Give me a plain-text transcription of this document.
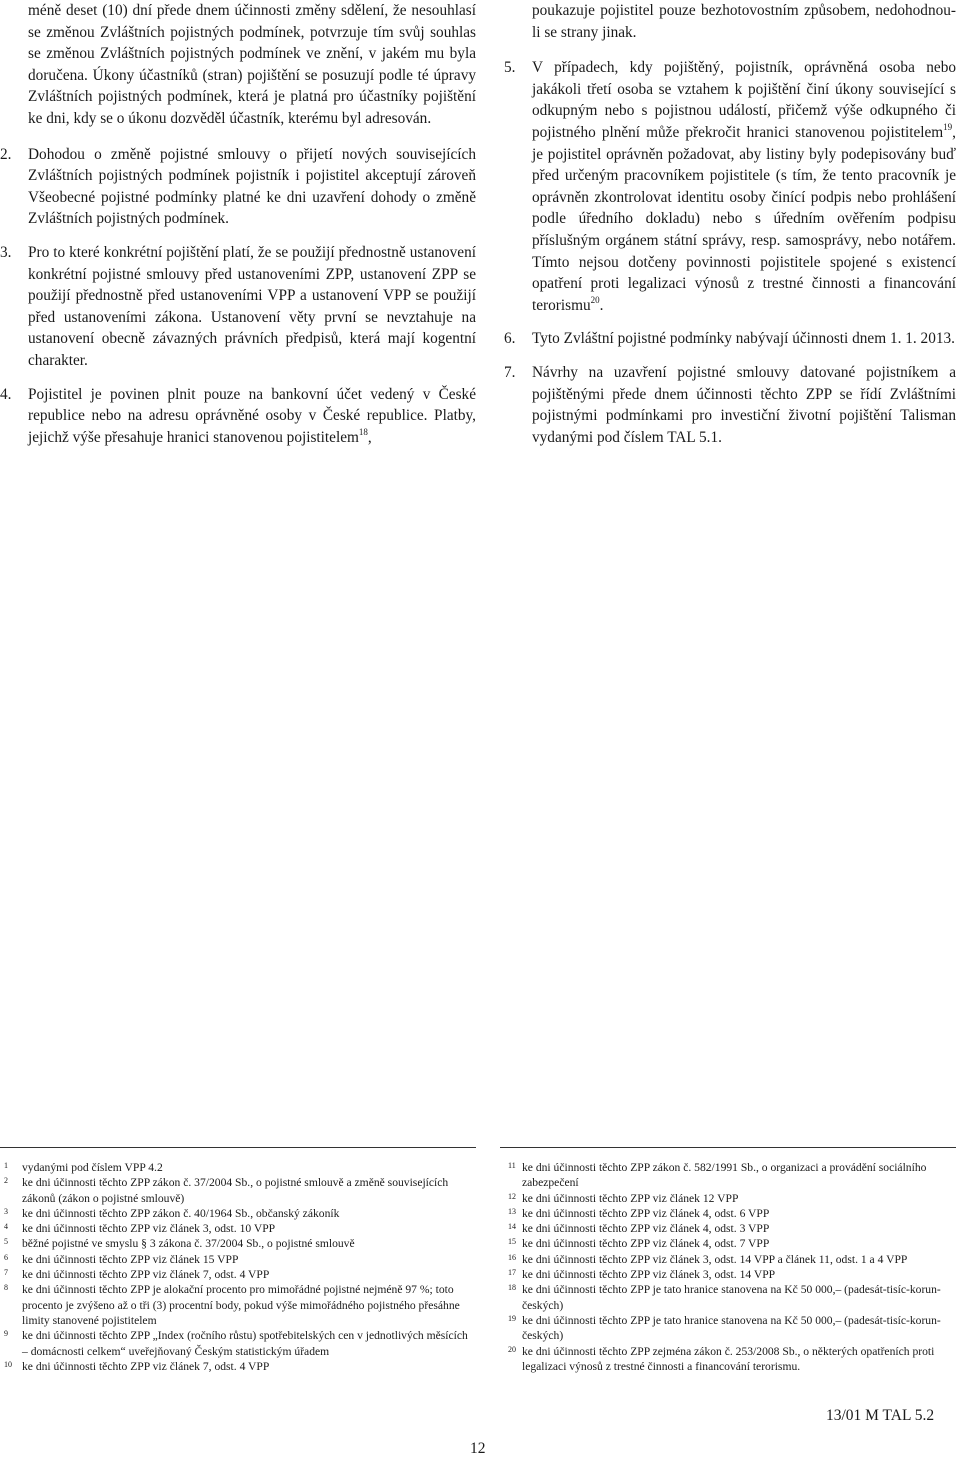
méně deset (10) dní přede dnem účinnosti změny sdělení, že nesouhlasí se změnou Zvláštních pojistných podmínek, potvrzuje tím svůj souhlas se změnou Zvláštních pojistných podmínek ve znění, v jakém mu byla doručena. Úkony účastníků (stran) pojištění se posuzují podle té úpravy Zvláštních pojistných podmínek, která je platná pro účastníky pojištění ke dni, kdy se o úkonu dozvěděl účastník, kterému byl adresován.

2.	Dohodou o změně pojistné smlouvy o přijetí nových souvisejících Zvláštních pojistných podmínek pojistník i pojistitel akceptují zároveň Všeobecné pojistné podmínky platné ke dni uzavření dohody o změně Zvláštních pojistných podmínek.
3.	Pro to které konkrétní pojištění platí, že se použijí přednostně ustanovení konkrétní pojistné smlouvy před ustanoveními ZPP, ustanovení ZPP se použijí přednostně před ustanoveními VPP a ustanovení VPP se použijí před ustanoveními zákona. Ustanovení věty první se nevztahuje na ustanovení obecně závazných právních předpisů, která mají kogentní charakter.
4.	Pojistitel je povinen plnit pouze na bankovní účet vedený v České republice nebo na adresu oprávněné osoby v České republice. Platby, jejichž výše přesahuje hranici stanovenou pojistitelem$^{18}$,

poukazuje pojistitel pouze bezhotovostním způsobem, nedohodnou-li se strany jinak.

5.	V případech, kdy pojištěný, pojistník, oprávněná osoba nebo jakákoli třetí osoba se vztahem k pojištění činí úkony související s odkupným nebo s pojistnou událostí, přičemž výše odkupného či pojistného plnění může překročit hranici stanovenou pojistitelem$^{19}$, je pojistitel oprávněn požadovat, aby listiny byly podepisovány buď před určeným pracovníkem pojistitele (s tím, že tento pracovník je oprávněn zkontrolovat identitu osoby činící podpis nebo prohlášení podle úředního dokladu) nebo s úředním ověřením podpisu příslušným orgánem státní správy, resp. samosprávy, nebo notářem. Tímto nejsou dotčeny povinnosti pojistitele spojené s existencí opatření proti legalizaci výnosů z trestné činnosti a financování terorismu$^{20}$.
6.	Tyto Zvláštní pojistné podmínky nabývají účinnosti dnem 1. 1. 2013.
7.	Návrhy na uzavření pojistné smlouvy datované pojistníkem a pojištěnými přede dnem účinnosti těchto ZPP se řídí Zvláštními pojistnými podmínkami pro investiční životní pojištění Talisman vydanými pod číslem TAL 5.1.
1	vydanými pod číslem VPP 4.2
2	ke dni účinnosti těchto ZPP zákon č. 37/2004 Sb., o pojistné smlouvě a změně souvisejících zákonů (zákon o pojistné smlouvě)
3	ke dni účinnosti těchto ZPP zákon č. 40/1964 Sb., občanský zákoník
4	ke dni účinnosti těchto ZPP viz článek 3, odst. 10 VPP
5	běžné pojistné ve smyslu § 3 zákona č. 37/2004 Sb., o pojistné smlouvě
6	ke dni účinnosti těchto ZPP viz článek 15 VPP
7	ke dni účinnosti těchto ZPP viz článek 7, odst. 4 VPP
8	ke dni účinnosti těchto ZPP je alokační procento pro mimořádné pojistné nejméně 97 %; toto procento je zvýšeno až o tři (3) procentní body, pokud výše mimořádného pojistného přesáhne limity stanovené pojistitelem
9	ke dni účinnosti těchto ZPP „Index (ročního růstu) spotřebitelských cen v jednotlivých měsících – domácnosti celkem“ uveřejňovaný Českým statistickým úřadem
10 ke dni účinnosti těchto ZPP viz článek 7, odst. 4 VPP
11 ke dni účinnosti těchto ZPP zákon č. 582/1991 Sb., o organizaci a provádění sociálního zabezpečení
12 ke dni účinnosti těchto ZPP viz článek 12 VPP
13 ke dni účinnosti těchto ZPP viz článek 4, odst. 6 VPP
14 ke dni účinnosti těchto ZPP viz článek 4, odst. 3 VPP
15 ke dni účinnosti těchto ZPP viz článek 4, odst. 7 VPP
16 ke dni účinnosti těchto ZPP viz článek 3, odst. 14 VPP a článek 11, odst. 1 a 4 VPP
17 ke dni účinnosti těchto ZPP viz článek 3, odst. 14 VPP
18 ke dni účinnosti těchto ZPP je tato hranice stanovena na Kč 50 000,– (padesát-tisíc-korun-českých)
19 ke dni účinnosti těchto ZPP je tato hranice stanovena na Kč 50 000,– (padesát-tisíc-korun-českých)
20 ke dni účinnosti těchto ZPP zejména zákon č. 253/2008 Sb., o některých opatřeních proti legalizaci výnosů z trestné činnosti a financování terorismu.
13/01 M TAL 5.2
12
